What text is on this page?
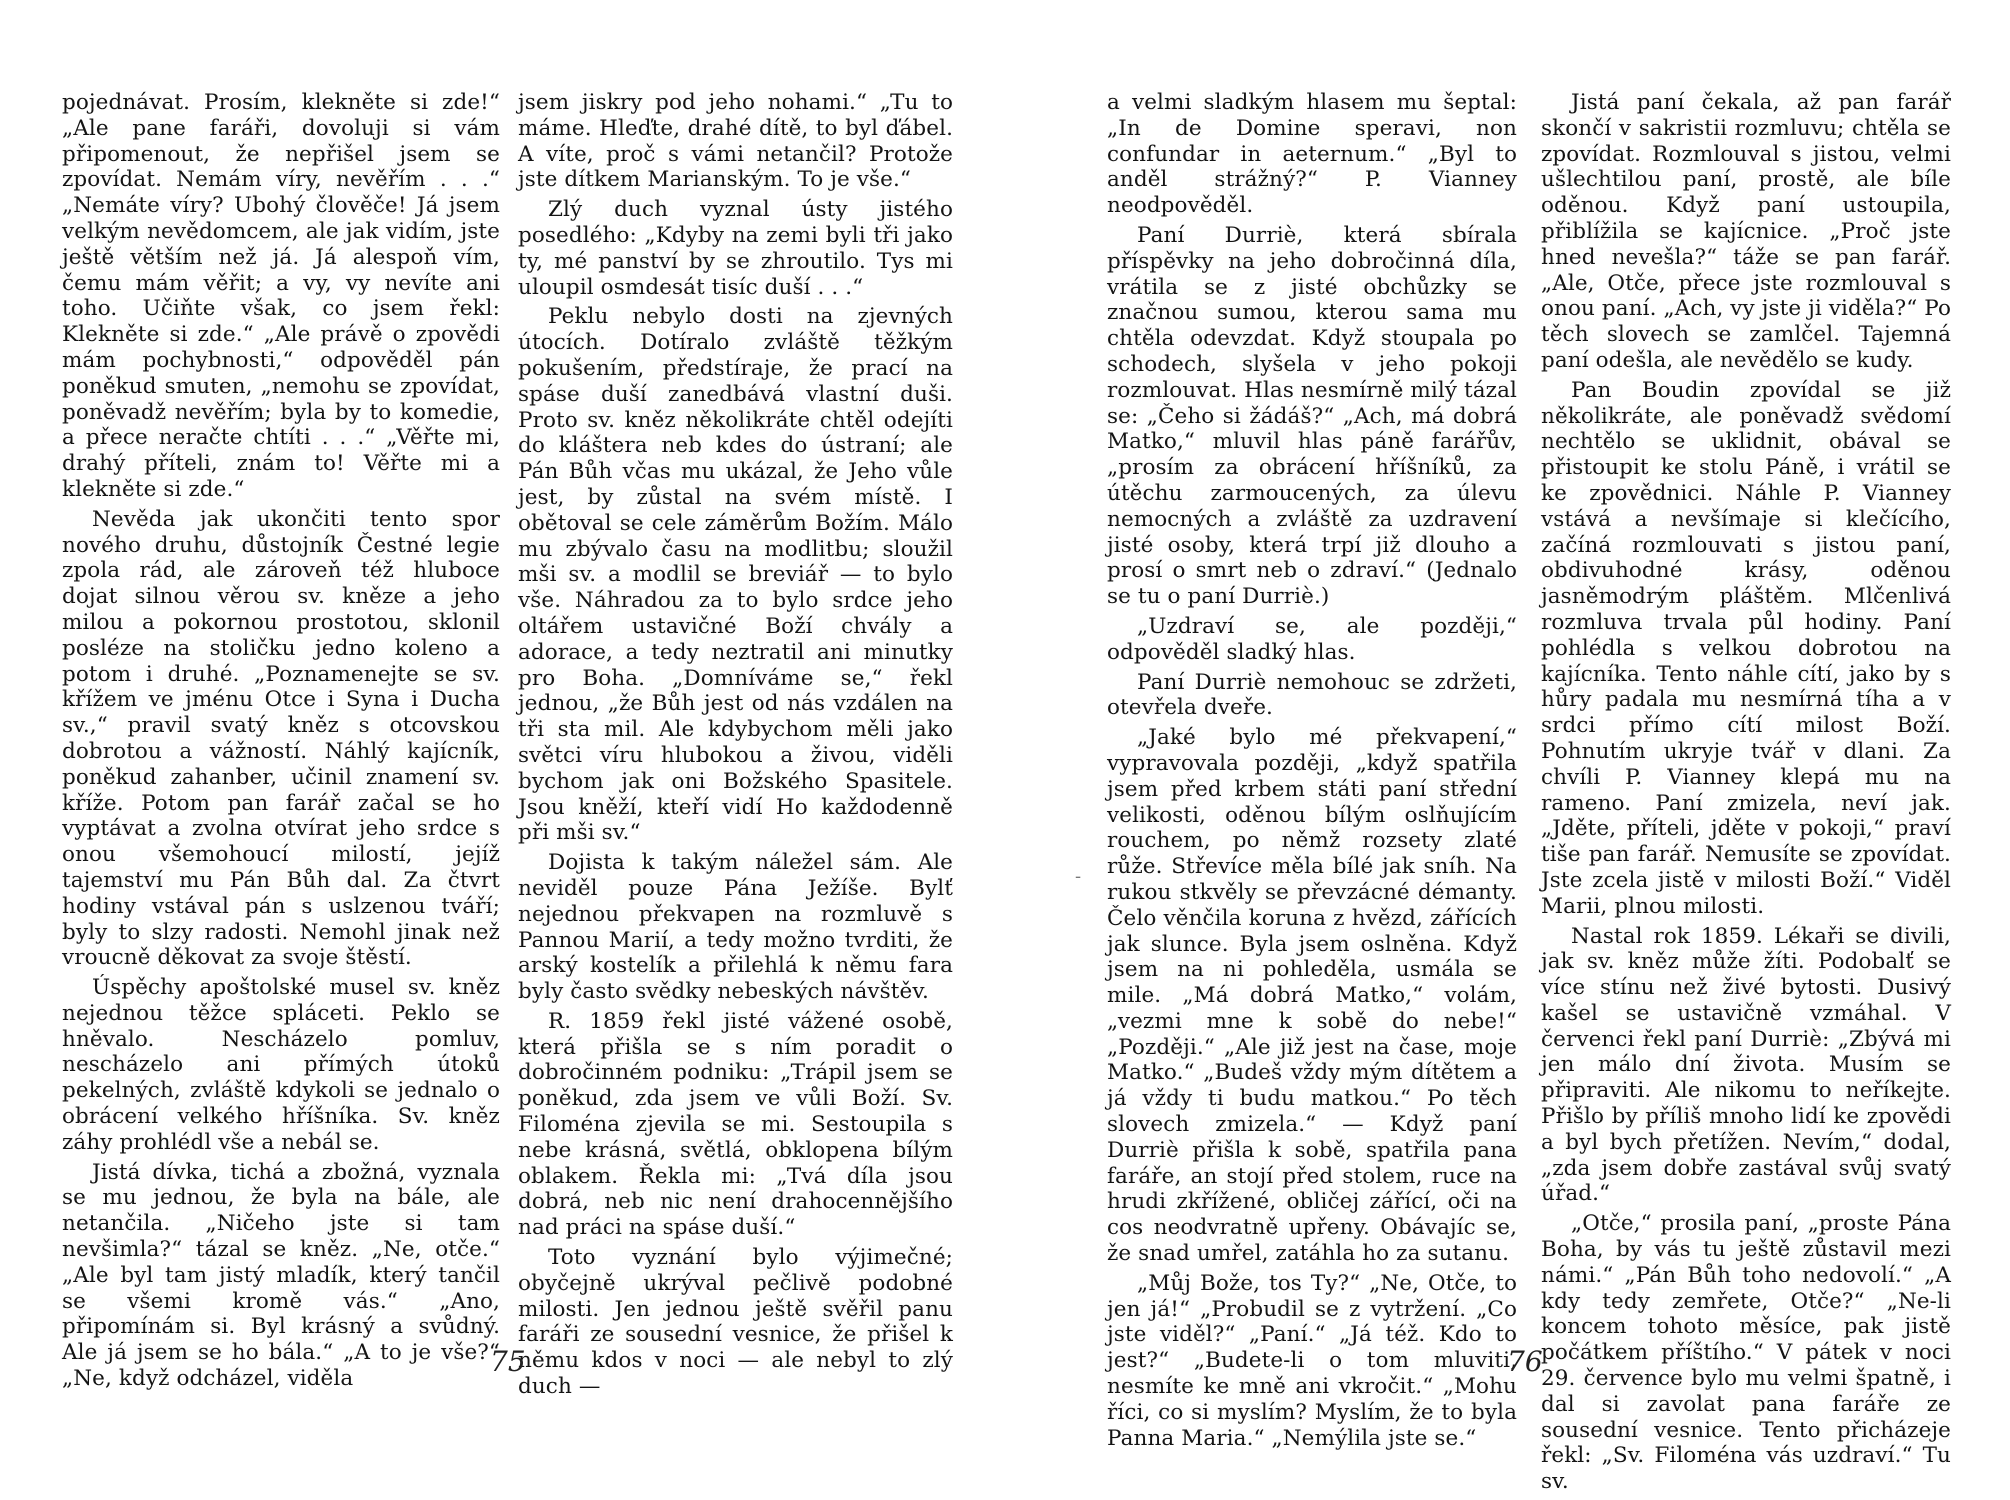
pojednávat. Prosím, klekněte si zde!“ „Ale pane faráři, dovoluji si vám připomenout, že nepřišel jsem se zpovídat. Nemám víry, nevěřím . . .“ „Nemáte víry? Ubohý člověče! Já jsem velkým nevědomcem, ale jak vidím, jste ještě větším než já. Já alespoň vím, čemu mám věřit; a vy, vy nevíte ani toho. Učiňte však, co jsem řekl: Klekněte si zde.“ „Ale právě o zpovědi mám pochybnosti,“ odpověděl pán poněkud smuten, „nemohu se zpovídat, poněvadž nevěřím; byla by to komedie, a přece neračte chtíti . . .“ „Věřte mi, drahý příteli, znám to! Věřte mi a klekněte si zde.“

Nevěda jak ukončiti tento spor nového druhu, důstojník Čestné legie zpola rád, ale zároveň též hluboce dojat silnou věrou sv. kněze a jeho milou a pokornou prostotou, sklonil posléze na stoličku jedno koleno a potom i druhé. „Poznamenejte se sv. křížem ve jménu Otce i Syna i Ducha sv.,“ pravil svatý kněz s otcovskou dobrotou a vážností. Náhlý kajícník, poněkud zahanber, učinil znamení sv. kříže. Potom pan farář začal se ho vyptávat a zvolna otvírat jeho srdce s onou všemohoucí milostí, jejíž tajemství mu Pán Bůh dal. Za čtvrt hodiny vstával pán s uslzenou tváří; byly to slzy radosti. Nemohl jinak než vroucně děkovat za svoje štěstí.

Úspěchy apoštolské musel sv. kněz nejednou těžce spláceti. Peklo se hněvalo. Nescházelo pomluv, nescházelo ani přímých útoků pekelných, zvláště kdykoli se jednalo o obrácení velkého hříšníka. Sv. kněz záhy prohlédl vše a nebál se.

Jistá dívka, tichá a zbožná, vyznala se mu jednou, že byla na bále, ale netančila. „Ničeho jste si tam nevšimla?“ tázal se kněz. „Ne, otče.“ „Ale byl tam jistý mladík, který tančil se všemi kromě vás.“ „Ano, připomínám si. Byl krásný a svůdný. Ale já jsem se ho bála.“ „A to je vše?“ „Ne, když odcházel, viděla

jsem jiskry pod jeho nohami.“ „Tu to máme. Hleďte, drahé dítě, to byl ďábel. A víte, proč s vámi netančil? Protože jste dítkem Marianským. To je vše.“

Zlý duch vyznal ústy jistého posedlého: „Kdyby na zemi byli tři jako ty, mé panství by se zhroutilo. Tys mi uloupil osmdesát tisíc duší . . .“

Peklu nebylo dosti na zjevných útocích. Dotíralo zvláště těžkým pokušením, předstíraje, že prací na spáse duší zanedbává vlastní duši. Proto sv. kněz několikráte chtěl odejíti do kláštera neb kdes do ústraní; ale Pán Bůh včas mu ukázal, že Jeho vůle jest, by zůstal na svém místě. I obětoval se cele záměrům Božím. Málo mu zbývalo času na modlitbu; sloužil mši sv. a modlil se breviář — to bylo vše. Náhradou za to bylo srdce jeho oltářem ustavičné Boží chvály a adorace, a tedy neztratil ani minutky pro Boha. „Domníváme se,“ řekl jednou, „že Bůh jest od nás vzdálen na tři sta mil. Ale kdybychom měli jako světci víru hlubokou a živou, viděli bychom jak oni Božského Spasitele. Jsou kněží, kteří vidí Ho každodenně při mši sv.“

Dojista k takým náležel sám. Ale neviděl pouze Pána Ježíše. Bylť nejednou překvapen na rozmluvě s Pannou Marií, a tedy možno tvrditi, že arský kostelík a přilehlá k němu fara byly často svědky nebeských návštěv.

R. 1859 řekl jisté vážené osobě, která přišla se s ním poradit o dobročinném podniku: „Trápil jsem se poněkud, zda jsem ve vůli Boží. Sv. Filoména zjevila se mi. Sestoupila s nebe krásná, světlá, obklopena bílým oblakem. Řekla mi: „Tvá díla jsou dobrá, neb nic není drahocennějšího nad práci na spáse duší.“

Toto vyznání bylo výjimečné; obyčejně ukrýval pečlivě podobné milosti. Jen jednou ještě svěřil panu faráři ze sousední vesnice, že přišel k němu kdos v noci — ale nebyl to zlý duch —

75

a velmi sladkým hlasem mu šeptal: „In de Domine speravi, non confundar in aeternum.“ „Byl to anděl strážný?“ P. Vianney neodpověděl.

Paní Durriè, která sbírala příspěvky na jeho dobročinná díla, vrátila se z jisté obchůzky se značnou sumou, kterou sama mu chtěla odevzdat. Když stoupala po schodech, slyšela v jeho pokoji rozmlouvat. Hlas nesmírně milý tázal se: „Čeho si žádáš?“ „Ach, má dobrá Matko,“ mluvil hlas páně farářův, „prosím za obrácení hříšníků, za útěchu zarmoucených, za úlevu nemocných a zvláště za uzdravení jisté osoby, která trpí již dlouho a prosí o smrt neb o zdraví.“ (Jednalo se tu o paní Durriè.)

„Uzdraví se, ale později,“ odpověděl sladký hlas.

Paní Durriè nemohouc se zdržeti, otevřela dveře.

„Jaké bylo mé překvapení,“ vypravovala později, „když spatřila jsem před krbem státi paní střední velikosti, oděnou bílým oslňujícím rouchem, po němž rozsety zlaté růže. Střevíce měla bílé jak sníh. Na rukou stkvěly se převzácné démanty. Čelo věnčila koruna z hvězd, zářících jak slunce. Byla jsem oslněna. Když jsem na ni pohleděla, usmála se mile. „Má dobrá Matko,“ volám, „vezmi mne k sobě do nebe!“ „Později.“ „Ale již jest na čase, moje Matko.“ „Budeš vždy mým dítětem a já vždy ti budu matkou.“ Po těch slovech zmizela.“ — Když paní Durriè přišla k sobě, spatřila pana faráře, an stojí před stolem, ruce na hrudi zkřížené, obličej zářící, oči na cos neodvratně upřeny. Obávajíc se, že snad umřel, zatáhla ho za sutanu.

„Můj Bože, tos Ty?“ „Ne, Otče, to jen já!“ „Probudil se z vytržení. „Co jste viděl?“ „Paní.“ „Já též. Kdo to jest?“ „Budete-li o tom mluviti, nesmíte ke mně ani vkročit.“ „Mohu říci, co si myslím? Myslím, že to byla Panna Maria.“ „Nemýlila jste se.“

Jistá paní čekala, až pan farář skončí v sakristii rozmluvu; chtěla se zpovídat. Rozmlouval s jistou, velmi ušlechtilou paní, prostě, ale bíle oděnou. Když paní ustoupila, přiblížila se kajícnice. „Proč jste hned nevešla?“ táže se pan farář. „Ale, Otče, přece jste rozmlouval s onou paní. „Ach, vy jste ji viděla?“ Po těch slovech se zamlčel. Tajemná paní odešla, ale nevědělo se kudy.

Pan Boudin zpovídal se již několikráte, ale poněvadž svědomí nechtělo se uklidnit, obával se přistoupit ke stolu Páně, i vrátil se ke zpovědnici. Náhle P. Vianney vstává a nevšímaje si klečícího, začíná rozmlouvati s jistou paní, obdivuhodné krásy, oděnou jasněmodrým pláštěm. Mlčenlivá rozmluva trvala půl hodiny. Paní pohlédla s velkou dobrotou na kajícníka. Tento náhle cítí, jako by s hůry padala mu nesmírná tíha a v srdci přímo cítí milost Boží. Pohnutím ukryje tvář v dlani. Za chvíli P. Vianney klepá mu na rameno. Paní zmizela, neví jak. „Jděte, příteli, jděte v pokoji,“ praví tiše pan farář. Nemusíte se zpovídat. Jste zcela jistě v milosti Boží.“ Viděl Marii, plnou milosti.

Nastal rok 1859. Lékaři se divili, jak sv. kněz může žíti. Podobalť se více stínu než živé bytosti. Dusivý kašel se ustavičně vzmáhal. V červenci řekl paní Durriè: „Zbývá mi jen málo dní života. Musím se připraviti. Ale nikomu to neříkejte. Přišlo by příliš mnoho lidí ke zpovědi a byl bych přetížen. Nevím,“ dodal, „zda jsem dobře zastával svůj svatý úřad.“

„Otče,“ prosila paní, „proste Pána Boha, by vás tu ještě zůstavil mezi námi.“ „Pán Bůh toho nedovolí.“ „A kdy tedy zemřete, Otče?“ „Ne-li koncem tohoto měsíce, pak jistě počátkem příštího.“ V pátek v noci 29. července bylo mu velmi špatně, i dal si zavolat pana faráře ze sousední vesnice. Tento přicházeje řekl: „Sv. Filoména vás uzdraví.“ Tu sv.

76
-
